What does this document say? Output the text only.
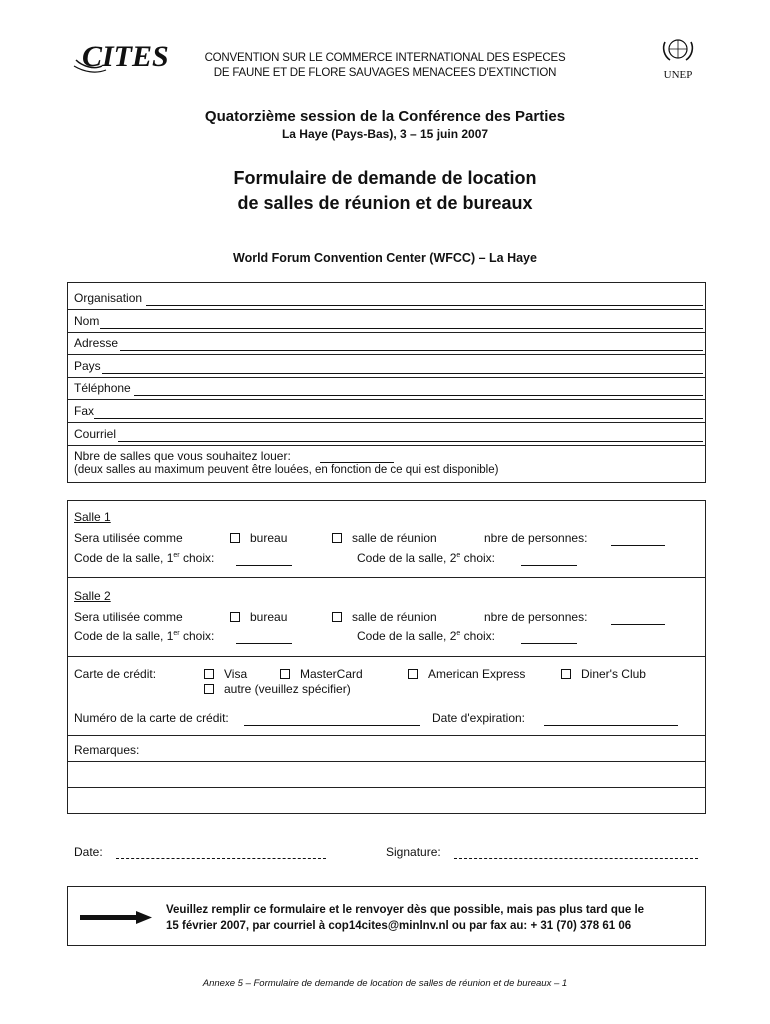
CITES	CONVENTION SUR LE COMMERCE INTERNATIONAL DES ESPECES
DE FAUNE ET DE FLORE SAUVAGES MENACEES D'EXTINCTION	UNEP
Quatorzième session de la Conférence des Parties
La Haye (Pays-Bas), 3 – 15 juin 2007
Formulaire de demande de location
de salles de réunion et de bureaux
World Forum Convention Center (WFCC) – La Haye
Organisation
Nom
Adresse
Pays
Téléphone
Fax
Courriel
Nbre de salles que vous souhaitez louer:
(deux salles au maximum peuvent être louées, en fonction de ce qui est disponible)
Salle 1
Sera utilisée comme	bureau	salle de réunion	nbre de personnes:
Code de la salle, 1er choix:	Code de la salle, 2e choix:
Salle 2
Sera utilisée comme	bureau	salle de réunion	nbre de personnes:
Code de la salle, 1er choix:	Code de la salle, 2e choix:
Carte de crédit:	Visa	MasterCard	American Express	Diner's Club
autre (veuillez spécifier)
Numéro de la carte de crédit:	Date d'expiration:
Remarques:
Date:	Signature:
Veuillez remplir ce formulaire et le renvoyer dès que possible, mais pas plus tard que le
15 février 2007, par courriel à cop14cites@minlnv.nl ou par fax au: + 31 (70) 378 61 06
Annexe 5 – Formulaire de demande de location de salles de réunion et de bureaux – 1
